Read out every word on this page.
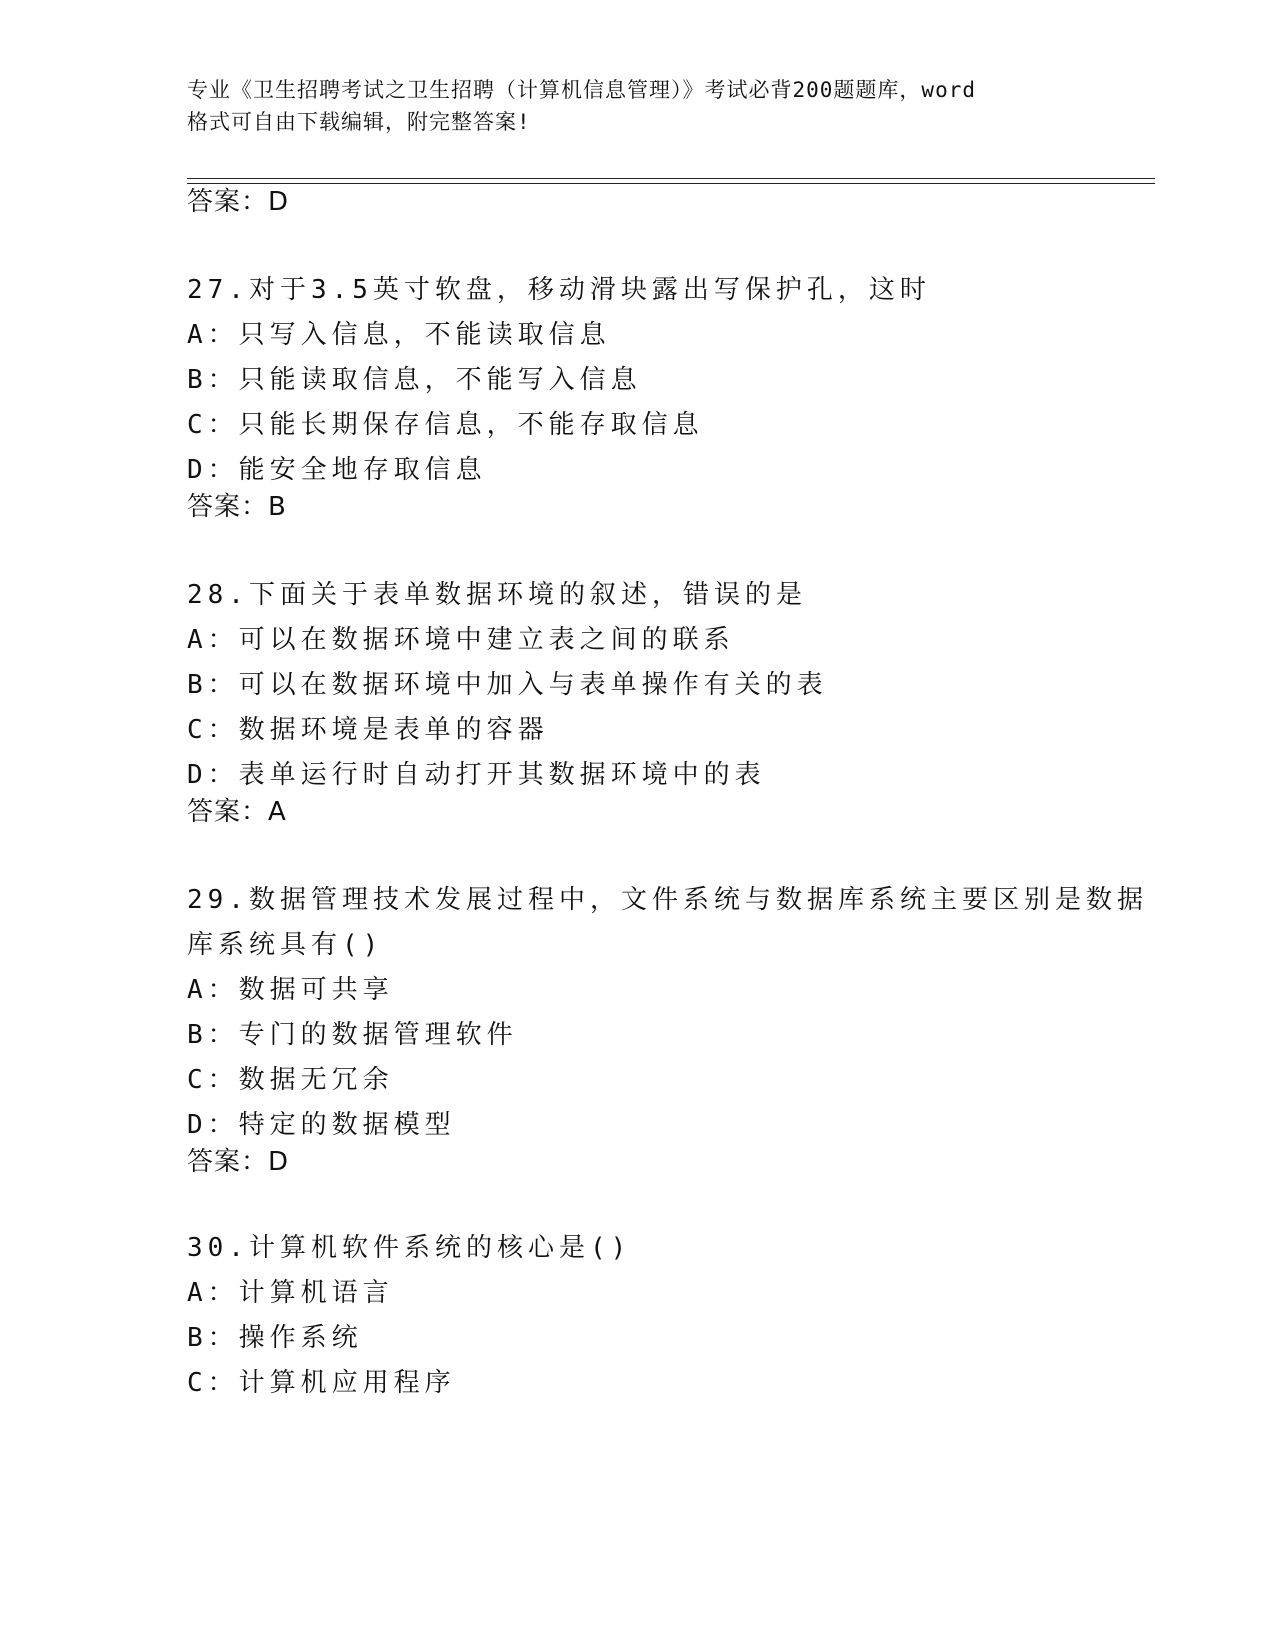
专业《卫生招聘考试之卫生招聘（计算机信息管理）》考试必背200题题库，word
格式可自由下载编辑，附完整答案!
答案：D
27.对于3.5英寸软盘，移动滑块露出写保护孔，这时
A：只写入信息，不能读取信息
B：只能读取信息，不能写入信息
C：只能长期保存信息，不能存取信息
D：能安全地存取信息
答案：B
28.下面关于表单数据环境的叙述，错误的是
A：可以在数据环境中建立表之间的联系
B：可以在数据环境中加入与表单操作有关的表
C：数据环境是表单的容器
D：表单运行时自动打开其数据环境中的表
答案：A
29.数据管理技术发展过程中，文件系统与数据库系统主要区别是数据
库系统具有()
A：数据可共享
B：专门的数据管理软件
C：数据无冗余
D：特定的数据模型
答案：D
30.计算机软件系统的核心是()
A：计算机语言
B：操作系统
C：计算机应用程序
